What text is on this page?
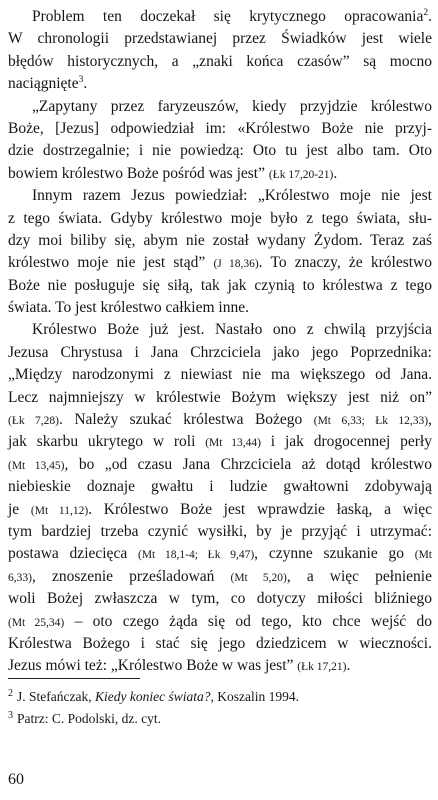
Problem ten doczekał się krytycznego opracowania$^2$.
W chronologii przedstawianej przez Świadków jest wiele
błędów historycznych, a „znaki końca czasów” są mocno
naciągnięte$^3$.
„Zapytany przez faryzeuszów, kiedy przyjdzie królestwo
Boże, [Jezus] odpowiedział im: «Królestwo Boże nie przyj-
dzie dostrzegalnie; i nie powiedzą: Oto tu jest albo tam. Oto
bowiem królestwo Boże pośród was jest” (Łk 17,20-21).
Innym razem Jezus powiedział: „Królestwo moje nie jest
z tego świata. Gdyby królestwo moje było z tego świata, słu-
dzy moi biliby się, abym nie został wydany Żydom. Teraz zaś
królestwo moje nie jest stąd” (J 18,36). To znaczy, że królestwo
Boże nie posługuje się siłą, tak jak czynią to królestwa z tego
świata. To jest królestwo całkiem inne.
Królestwo Boże już jest. Nastało ono z chwilą przyjścia
Jezusa Chrystusa i Jana Chrzciciela jako jego Poprzednika:
„Między narodzonymi z niewiast nie ma większego od Jana.
Lecz najmniejszy w królestwie Bożym większy jest niż on”
(Łk 7,28). Należy szukać królestwa Bożego (Mt 6,33; Łk 12,33),
jak skarbu ukrytego w roli (Mt 13,44) i jak drogocennej perły
(Mt 13,45), bo „od czasu Jana Chrzciciela aż dotąd królestwo
niebieskie doznaje gwałtu i ludzie gwałtowni zdobywają
je (Mt 11,12). Królestwo Boże jest wprawdzie łaską, a więc
tym bardziej trzeba czynić wysiłki, by je przyjąć i utrzymać:
postawa dziecięca (Mt 18,1-4; Łk 9,47), czynne szukanie go (Mt
6,33), znoszenie prześladowań (Mt 5,20), a więc pełnienie
woli Bożej zwłaszcza w tym, co dotyczy miłości bliźniego
(Mt 25,34) – oto czego żąda się od tego, kto chce wejść do
Królestwa Bożego i stać się jego dziedzicem w wieczności.
Jezus mówi też: „Królestwo Boże w was jest” (Łk 17,21).
$^2$ J. Stefańczak, Kiedy koniec świata?, Koszalin 1994.
$^3$ Patrz: C. Podolski, dz. cyt.
60
